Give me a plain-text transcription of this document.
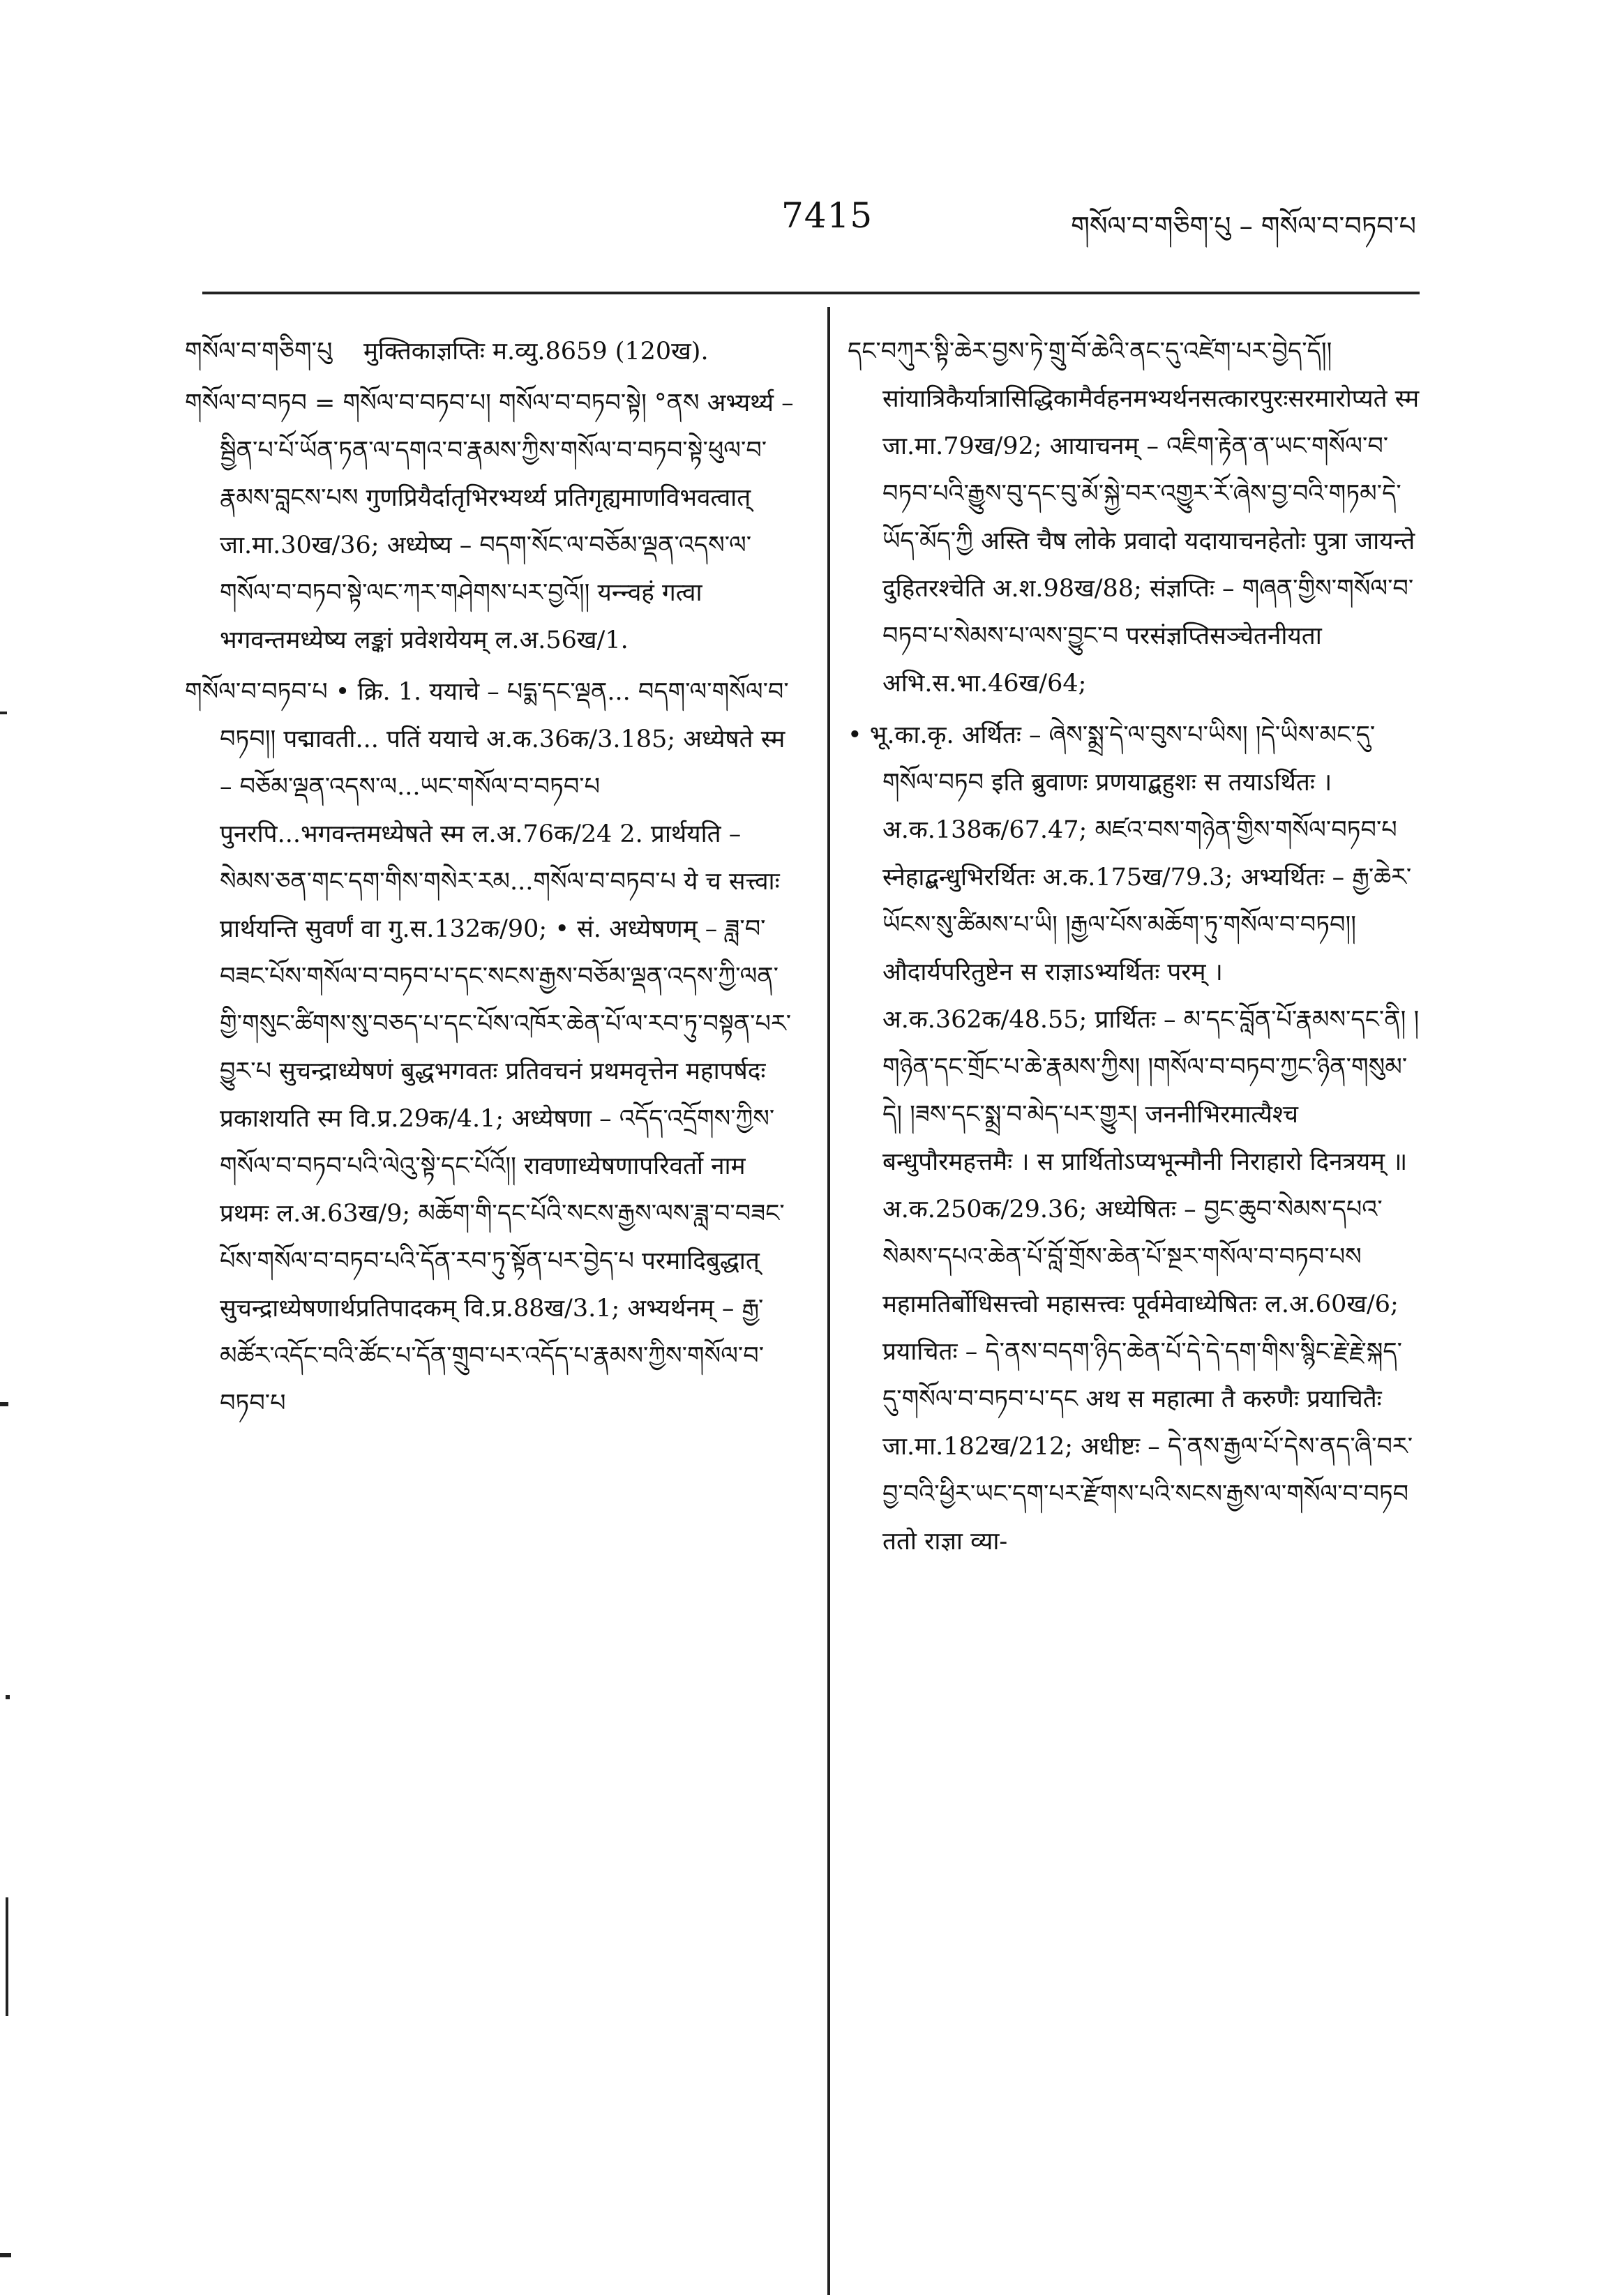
7415	གསོལ་བ་གཅིག་པུ – གསོལ་བ་བཏབ་པ

གསོལ་བ་གཅིག་པུ मुक्तिकाज्ञप्तिः म.व्यु.8659 (120ख).

གསོལ་བ་བཏབ = གསོལ་བ་བཏབ་པ། གསོལ་བ་བཏབ་སྟེ། °ནས अभ्यर्थ्य – སྦྱིན་པ་པོ་ཡོན་ཏན་ལ་དགའ་བ་རྣམས་ཀྱིས་གསོལ་བ་བཏབ་སྟེ་ཕུལ་བ་རྣམས་བླངས་པས गुणप्रियैर्दातृभिरभ्यर्थ्य प्रतिगृह्यमाणविभवत्वात् जा.मा.30ख/36; अध्येष्य – བདག་སོང་ལ་བཅོམ་ལྡན་འདས་ལ་གསོལ་བ་བཏབ་སྟེ་ལང་ཀར་གཤེགས་པར་བྱའོ།། यन्न्वहं गत्वा भगवन्तमध्येष्य लङ्कां प्रवेशयेयम् ल.अ.56ख/1.

གསོལ་བ་བཏབ་པ • क्रि. 1. ययाचे – པདྨ་དང་ལྡན... བདག་ལ་གསོལ་བ་བཏབ།། पद्मावती... पतिं ययाचे अ.क.36क/3.185; अध्येषते स्म – བཅོམ་ལྡན་འདས་ལ...ཡང་གསོལ་བ་བཏབ་པ पुनरपि...भगवन्तमध्येषते स्म ल.अ.76क/24 2. प्रार्थयति – སེམས་ཅན་གང་དག་གིས་གསེར་རམ...གསོལ་བ་བཏབ་པ ये च सत्त्वाः प्रार्थयन्ति सुवर्णं वा गु.स.132क/90; • सं. अध्येषणम् – ཟླ་བ་བཟང་པོས་གསོལ་བ་བཏབ་པ་དང་སངས་རྒྱས་བཅོམ་ལྡན་འདས་ཀྱི་ལན་གྱི་གསུང་ཚིགས་སུ་བཅད་པ་དང་པོས་འཁོར་ཆེན་པོ་ལ་རབ་ཏུ་བསྟན་པར་བྱུར་པ सुचन्द्राध्येषणं बुद्धभगवतः प्रतिवचनं प्रथमवृत्तेन महापर्षदः प्रकाशयति स्म वि.प्र.29क/4.1; अध्येषणा – འདོད་འདྲོགས་ཀྱིས་གསོལ་བ་བཏབ་པའི་ལེའུ་སྟེ་དང་པོའོ།། रावणाध्येषणापरिवर्तो नाम प्रथमः ल.अ.63ख/9; མཆོག་གི་དང་པོའི་སངས་རྒྱས་ལས་ཟླ་བ་བཟང་པོས་གསོལ་བ་བཏབ་པའི་དོན་རབ་ཏུ་སྟོན་པར་བྱེད་པ परमादिबुद्धात् सुचन्द्राध्येषणार्थप्रतिपादकम् वि.प्र.88ख/3.1; अभ्यर्थनम् – རྒྱ་མཚོར་འདོང་བའི་ཚོང་པ་དོན་གྲུབ་པར་འདོད་པ་རྣམས་ཀྱིས་གསོལ་བ་བཏབ་པ

དང་བཀུར་སྟི་ཆེར་བྱས་ཏེ་གྲུ་བོ་ཆེའི་ནང་དུ་འཛེག་པར་བྱེད་དོ།། सांयात्रिकैर्यात्रासिद्धिकामैर्वहनमभ्यर्थनसत्कारपुरःसरमारोप्यते स्म जा.मा.79ख/92; आयाचनम् – འཇིག་རྟེན་ན་ཡང་གསོལ་བ་བཏབ་པའི་རྒྱུས་བུ་དང་བུ་མོ་སྐྱེ་བར་འགྱུར་རོ་ཞེས་བྱ་བའི་གཏམ་དེ་ཡོད་མོད་ཀྱི अस्ति चैष लोके प्रवादो यदायाचनहेतोः पुत्रा जायन्ते दुहितरश्चेति अ.श.98ख/88; संज्ञप्तिः – གཞན་གྱིས་གསོལ་བ་བཏབ་པ་སེམས་པ་ལས་བྱུང་བ परसंज्ञप्तिसञ्चेतनीयता अभि.स.भा.46ख/64;

• भू.का.कृ. अर्थितः – ཞེས་སྨྲ་དེ་ལ་བུས་པ་ཡིས། །དེ་ཡིས་མང་དུ་གསོལ་བཏབ इति ब्रुवाणः प्रणयाद्बहुशः स तयाऽर्थितः । अ.क.138क/67.47; མཛའ་བས་གཉེན་གྱིས་གསོལ་བཏབ་པ स्नेहाद्बन्धुभिरर्थितः अ.क.175ख/79.3; अभ्यर्थितः – རྒྱ་ཆེར་ཡོངས་སུ་ཚིམས་པ་ཡི། །རྒྱལ་པོས་མཆོག་ཏུ་གསོལ་བ་བཏབ།། औदार्यपरितुष्टेन स राज्ञाऽभ्यर्थितः परम् । अ.क.362क/48.55; प्रार्थितः – མ་དང་བློན་པོ་རྣམས་དང་ནི། །གཉེན་དང་གྲོང་པ་ཆེ་རྣམས་ཀྱིས། །གསོལ་བ་བཏབ་ཀྱང་ཉིན་གསུམ་དེ། །ཟས་དང་སྨྲ་བ་མེད་པར་གྱུར། जननीभिरमात्यैश्च बन्धुपौरमहत्तमैः । स प्रार्थितोऽप्यभून्मौनी निराहारो दिनत्रयम् ॥ अ.क.250क/29.36; अध्येषितः – བྱང་ཆུབ་སེམས་དཔའ་སེམས་དཔའ་ཆེན་པོ་བློ་གྲོས་ཆེན་པོ་སྔར་གསོལ་བ་བཏབ་པས महामतिर्बोधिसत्त्वो महासत्त्वः पूर्वमेवाध्येषितः ल.अ.60ख/6; प्रयाचितः – དེ་ནས་བདག་ཉིད་ཆེན་པོ་དེ་དེ་དག་གིས་སྙིང་རྗེ་རྗེ་སྐད་དུ་གསོལ་བ་བཏབ་པ་དང अथ स महात्मा तै करुणैः प्रयाचितैः जा.मा.182ख/212; अधीष्टः – དེ་ནས་རྒྱལ་པོ་དེས་ནད་ཞི་བར་བྱ་བའི་ཕྱིར་ཡང་དག་པར་རྫོགས་པའི་སངས་རྒྱས་ལ་གསོལ་བ་བཏབ ततो राज्ञा व्या-
